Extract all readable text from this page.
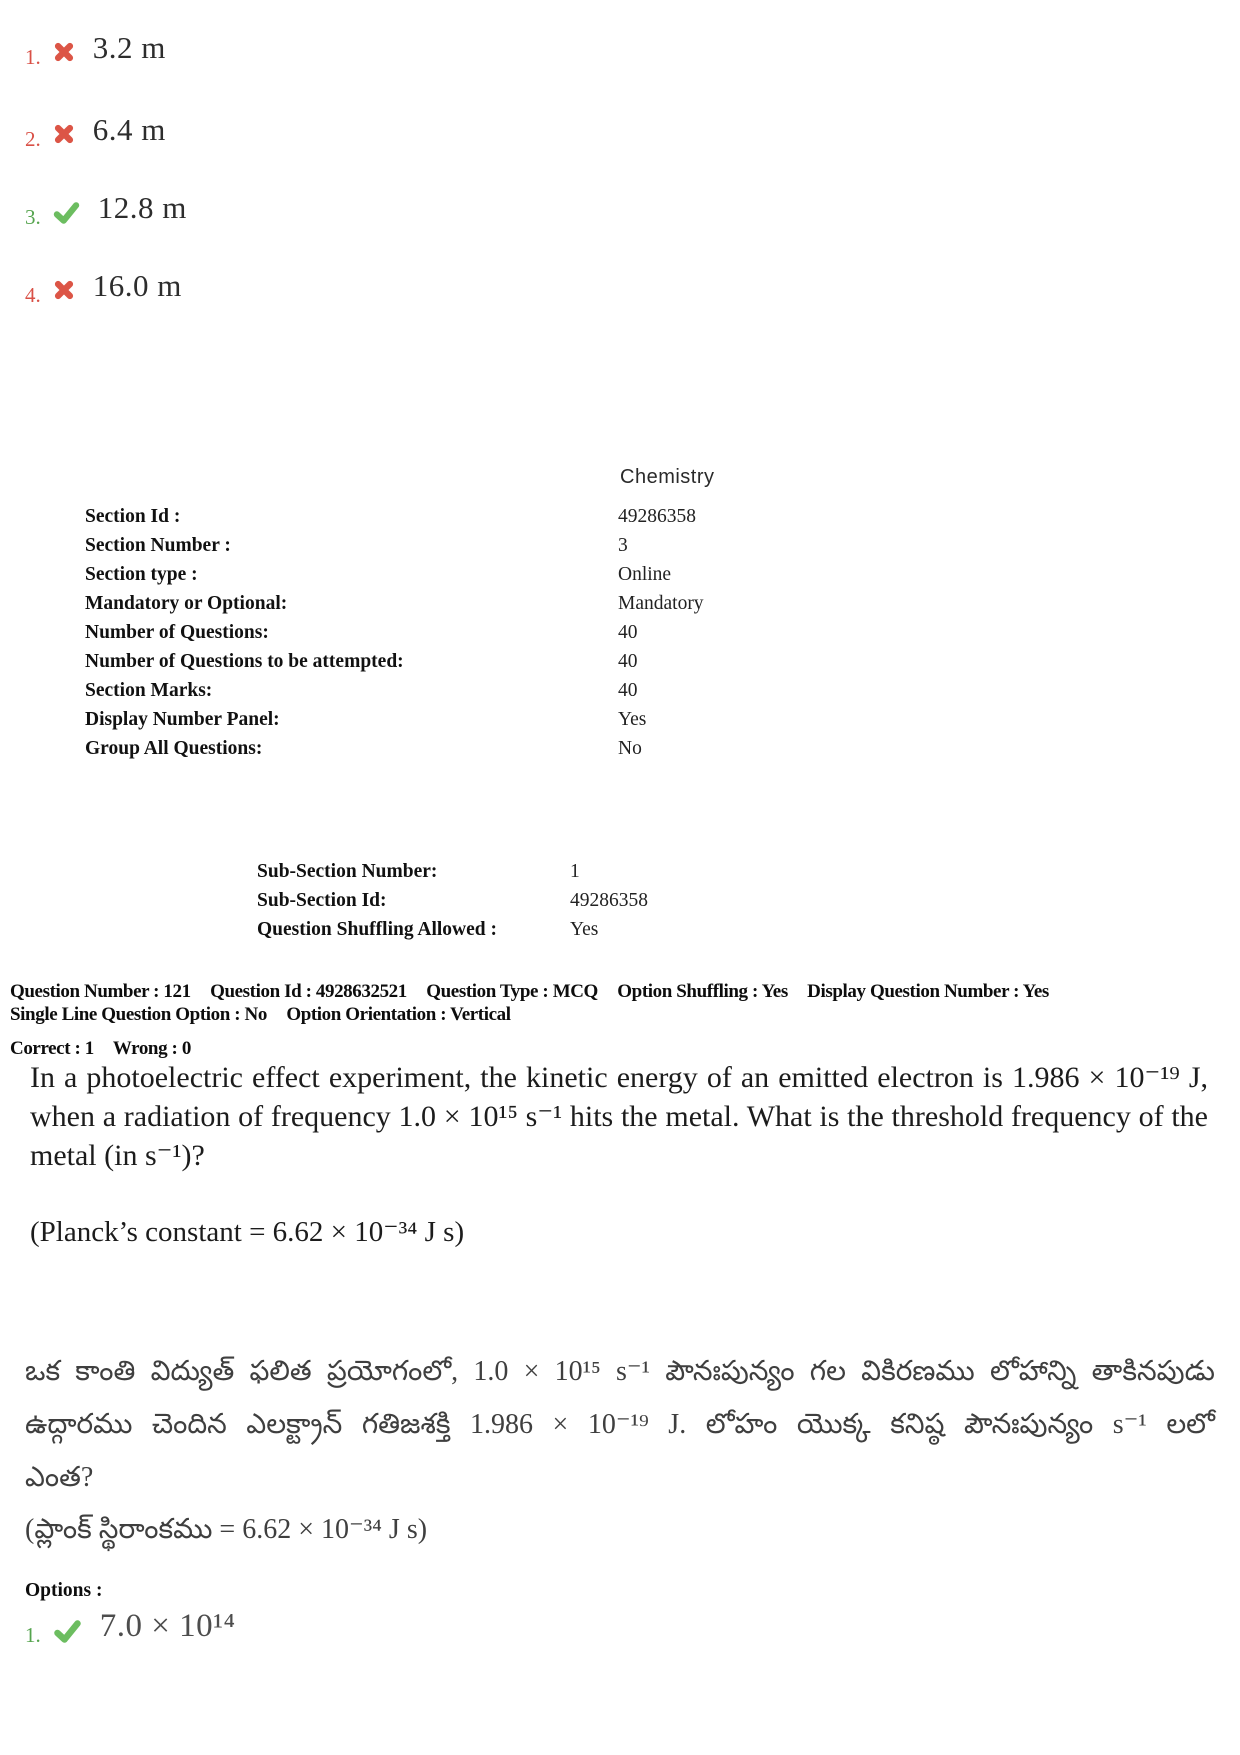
1. 3.2 m
2. 6.4 m
3. 12.8 m
4. 16.0 m
Chemistry
Section Id :	49286358
Section Number :	3
Section type :	Online
Mandatory or Optional:	Mandatory
Number of Questions:	40
Number of Questions to be attempted:	40
Section Marks:	40
Display Number Panel:	Yes
Group All Questions:	No
Sub-Section Number:	1
Sub-Section Id:	49286358
Question Shuffling Allowed :	Yes
Question Number : 121 Question Id : 4928632521 Question Type : MCQ Option Shuffling : Yes Display Question Number : Yes
Single Line Question Option : No Option Orientation : Vertical
Correct : 1 Wrong : 0
In a photoelectric effect experiment, the kinetic energy of an emitted electron is 1.986 × 10⁻¹⁹ J, when a radiation of frequency 1.0 × 10¹⁵ s⁻¹ hits the metal. What is the threshold frequency of the metal (in s⁻¹)?
(Planck’s constant = 6.62 × 10⁻³⁴ J s)
ఒక కాంతి విద్యుత్ ఫలిత ప్రయోగంలో, 1.0 × 10¹⁵ s⁻¹ పౌనఃపున్యం గల వికిరణము లోహాన్ని తాకినపుడు
ఉద్గారము చెందిన ఎలక్ట్రాన్ గతిజశక్తి 1.986 × 10⁻¹⁹ J. లోహం యొక్క కనిష్ఠ పౌనఃపున్యం s⁻¹ లలో
ఎంత?
(ప్లాంక్ స్థిరాంకము = 6.62 × 10⁻³⁴ J s)
Options :
1. 7.0 × 10¹⁴
